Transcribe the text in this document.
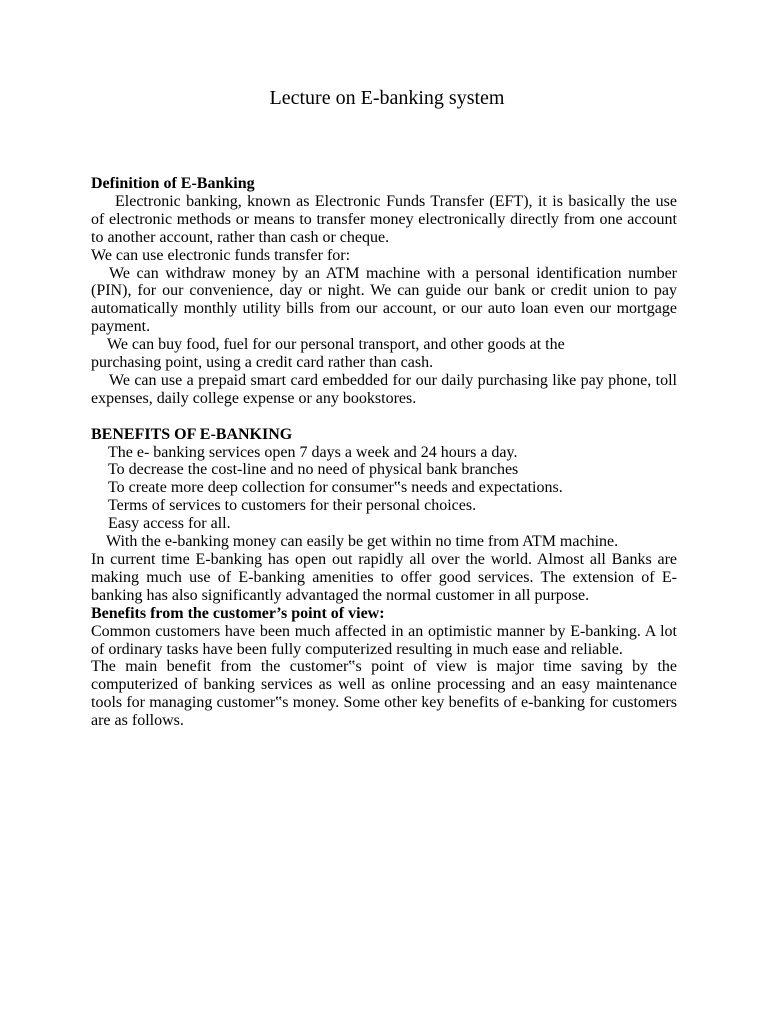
Lecture on E-banking system

Definition of E-Banking

Electronic banking, known as Electronic Funds Transfer (EFT), it is basically the use of electronic methods or means to transfer money electronically directly from one account to another account, rather than cash or cheque.

We can use electronic funds transfer for:

We can withdraw money by an ATM machine with a personal identification number (PIN), for our convenience, day or night. We can guide our bank or credit union to pay automatically monthly utility bills from our account, or our auto loan even our mortgage payment.

We can buy food, fuel for our personal transport, and other goods at the

purchasing point, using a credit card rather than cash.

We can use a prepaid smart card embedded for our daily purchasing like pay phone, toll expenses, daily college expense or any bookstores.

BENEFITS OF E-BANKING

The e- banking services open 7 days a week and 24 hours a day.
To decrease the cost-line and no need of physical bank branches
To create more deep collection for consumer‟s needs and expectations.
Terms of services to customers for their personal choices.
Easy access for all.
With the e-banking money can easily be get within no time from ATM machine.

In current time E-banking has open out rapidly all over the world. Almost all Banks are making much use of E-banking amenities to offer good services. The extension of E-banking has also significantly advantaged the normal customer in all purpose.

Benefits from the customer’s point of view:

Common customers have been much affected in an optimistic manner by E-banking. A lot of ordinary tasks have been fully computerized resulting in much ease and reliable.

The main benefit from the customer‟s point of view is major time saving by the computerized of banking services as well as online processing and an easy maintenance tools for managing customer‟s money. Some other key benefits of e-banking for customers are as follows.
